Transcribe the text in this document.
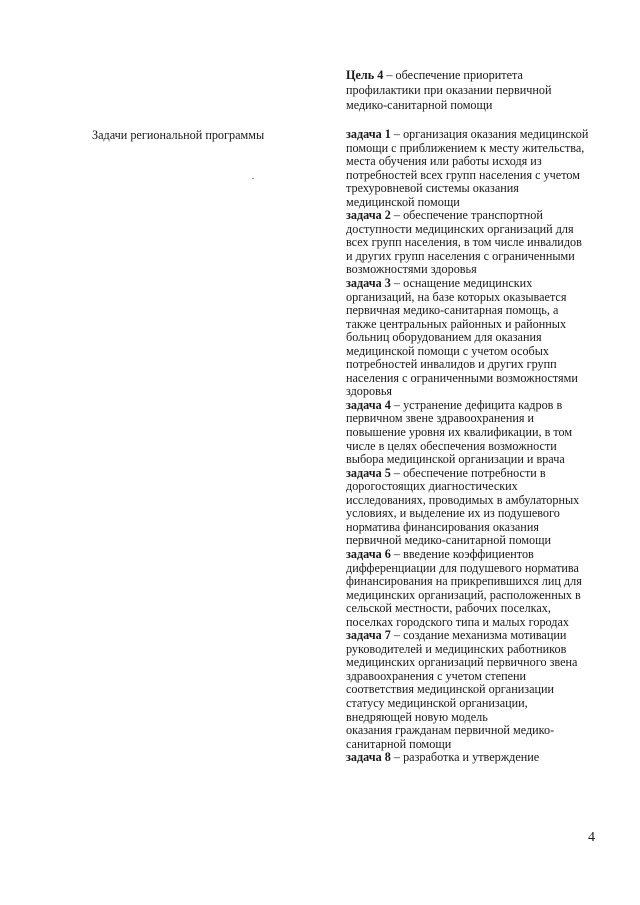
Цель 4 – обеспечение приоритета
профилактики при оказании первичной
медико-санитарной помощи
Задачи региональной программы	задача 1 – организация оказания медицинской
помощи с приближением к месту жительства,
места обучения или работы исходя из
потребностей всех групп населения с учетом
трехуровневой системы оказания
медицинской помощи
задача 2 – обеспечение транспортной
доступности медицинских организаций для
всех групп населения, в том числе инвалидов
и других групп населения с ограниченными
возможностями здоровья
задача 3 – оснащение медицинских
организаций, на базе которых оказывается
первичная медико-санитарная помощь, а
также центральных районных и районных
больниц оборудованием для оказания
медицинской помощи с учетом особых
потребностей инвалидов и других групп
населения с ограниченными возможностями
здоровья
задача 4 – устранение дефицита кадров в
первичном звене здравоохранения и
повышение уровня их квалификации, в том
числе в целях обеспечения возможности
выбора медицинской организации и врача
задача 5 – обеспечение потребности в
дорогостоящих диагностических
исследованиях, проводимых в амбулаторных
условиях, и выделение их из подушевого
норматива финансирования оказания
первичной медико-санитарной помощи
задача 6 – введение коэффициентов
дифференциации для подушевого норматива
финансирования на прикрепившихся лиц для
медицинских организаций, расположенных в
сельской местности, рабочих поселках,
поселках городского типа и малых городах
задача 7 – создание механизма мотивации
руководителей и медицинских работников
медицинских организаций первичного звена
здравоохранения с учетом степени
соответствия медицинской организации
статусу медицинской организации,
внедряющей новую модель
оказания гражданам первичной медико-
санитарной помощи
задача 8 – разработка и утверждение
4
